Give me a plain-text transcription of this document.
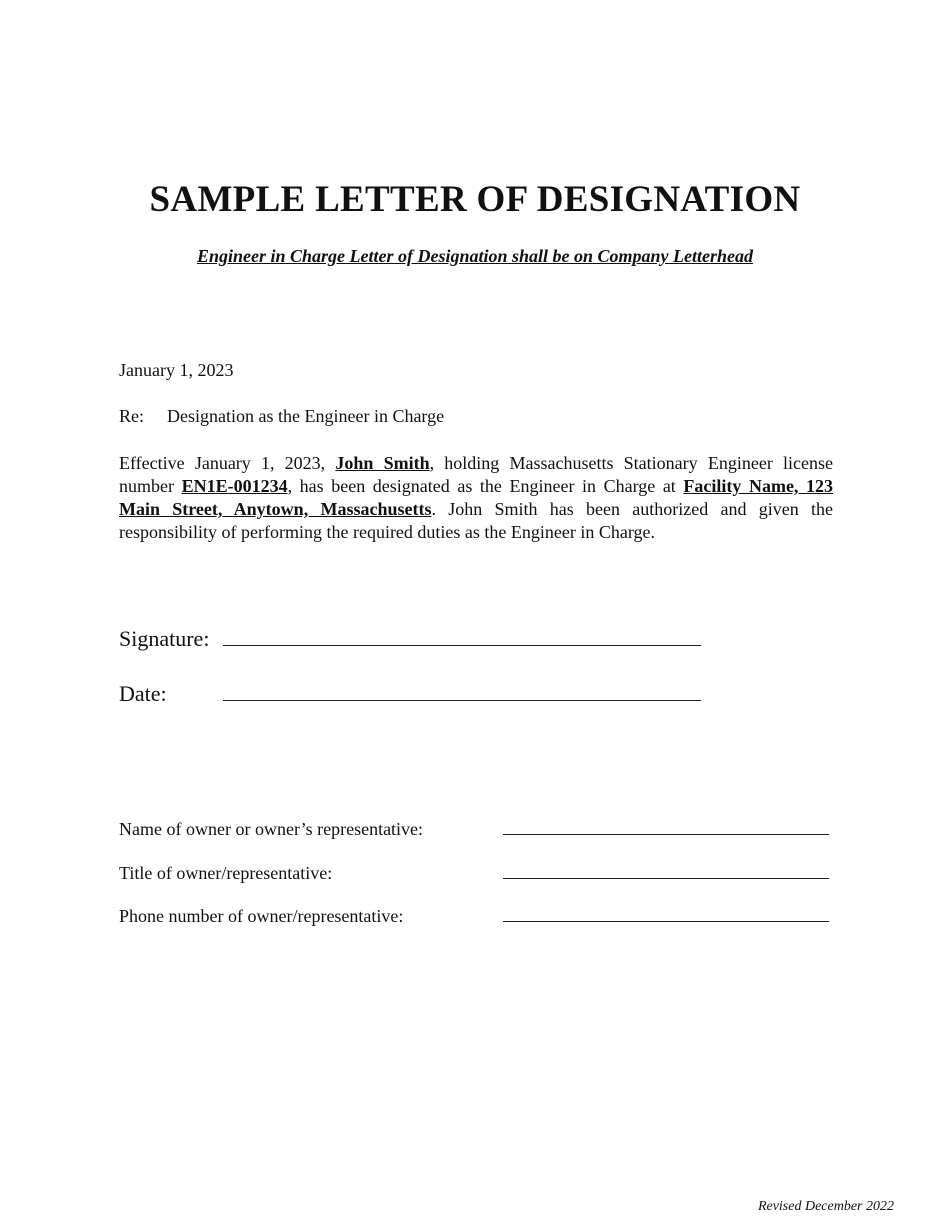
SAMPLE LETTER OF DESIGNATION
Engineer in Charge Letter of Designation shall be on Company Letterhead
January 1, 2023
Re: Designation as the Engineer in Charge

Effective January 1, 2023, John Smith, holding Massachusetts Stationary Engineer license number EN1E-001234, has been designated as the Engineer in Charge at Facility Name, 123 Main Street, Anytown, Massachusetts. John Smith has been authorized and given the responsibility of performing the required duties as the Engineer in Charge.

Signature:
Date:
Name of owner or owner’s representative:
Title of owner/representative:
Phone number of owner/representative:
Revised December 2022
